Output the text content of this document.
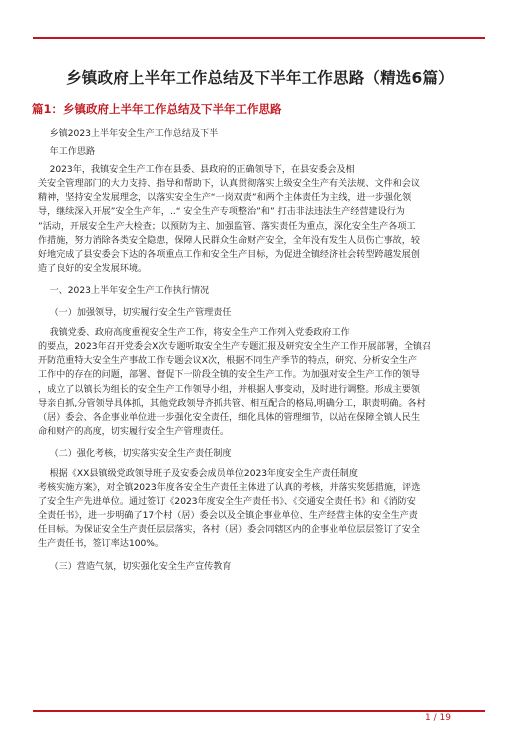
乡镇政府上半年工作总结及下半年工作思路（精选6篇）
篇1：乡镇政府上半年工作总结及下半年工作思路

乡镇2023上半年安全生产工作总结及下半

年工作思路

2023年，我镇安全生产工作在县委、县政府的正确领导下，在县安委会及相
关安全管理部门的大力支持、指导和帮助下，认真贯彻落实上级安全生产有关法规、文件和会议
精神，坚持安全发展理念，以落实安全生产“一岗双责”和两个主体责任为主线，进一步强化领
导，继续深入开展”安全生产年，..“ 安全生产专项整治”和” 打击非法违法生产经营建设行为
”活动，开展安全生产大检查；以预防为主、加强监管、落实责任为重点，深化安全生产各项工
作措施，努力消除各类安全隐患，保障人民群众生命财产安全，全年没有发生人员伤亡事故，较
好地完成了县安委会下达的各项重点工作和安全生产目标，为促进全镇经济社会转型跨越发展创
造了良好的安全发展环境。

一、2023上半年安全生产工作执行情况

（一）加强领导，切实履行安全生产管理责任

我镇党委、政府高度重视安全生产工作，将安全生产工作列入党委政府工作
的要点，2023年召开党委会X次专题听取安全生产专题汇报及研究安全生产工作开展部署，全镇召
开防范重特大安全生产事故工作专题会议X次，根据不同生产季节的特点，研究、分析安全生产
工作中的存在的问题，部署、督促下一阶段全镇的安全生产工作。为加强对安全生产工作的领导
，成立了以镇长为组长的安全生产工作领导小组，并根据人事变动，及时进行调整。形成主要领
导亲自抓,分管领导具体抓，其他党政领导齐抓共管、相互配合的格局,明确分工，职责明确。各村
（居）委会、各企事业单位进一步强化安全责任，细化具体的管理细节，以站在保障全镇人民生
命和财产的高度，切实履行安全生产管理责任。

（二）强化考核，切实落实安全生产责任制度

根据《XX县镇级党政领导班子及安委会成员单位2023年度安全生产责任制度
考核实施方案》，对全镇2023年度各安全生产责任主体进了认真的考核，并落实奖惩措施，评选
了安全生产先进单位。通过签订《2023年度安全生产责任书》、《交通安全责任书》和《消防安
全责任书》，进一步明确了17个村（居）委会以及全镇企事业单位、生产经营主体的安全生产责
任目标。为保证安全生产责任层层落实，各村（居）委会同辖区内的企事业单位层层签订了安全
生产责任书，签订率达100%。

（三）营造气氛，切实强化安全生产宣传教育

1 / 19
